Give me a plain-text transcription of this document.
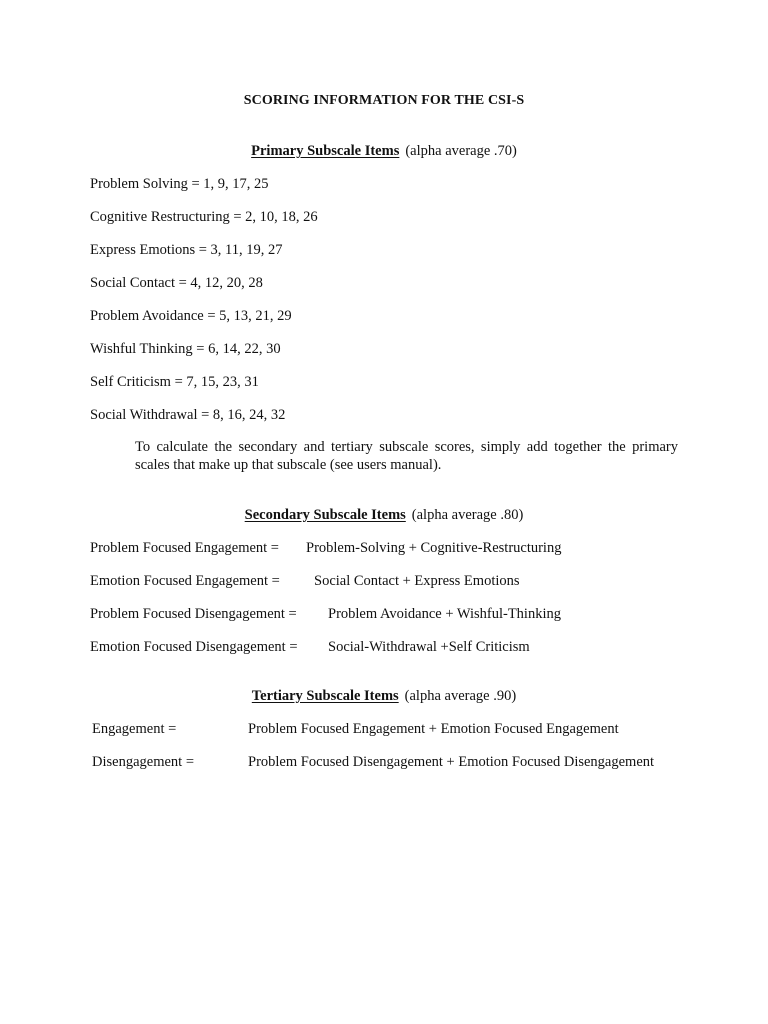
SCORING INFORMATION FOR THE CSI-S
Primary Subscale Items (alpha average .70)
Problem Solving = 1, 9, 17, 25
Cognitive Restructuring = 2, 10, 18, 26
Express Emotions = 3, 11, 19, 27
Social Contact = 4, 12, 20, 28
Problem Avoidance = 5, 13, 21, 29
Wishful Thinking = 6, 14, 22, 30
Self Criticism = 7, 15, 23, 31
Social Withdrawal = 8, 16, 24, 32
To calculate the secondary and tertiary subscale scores, simply add together the primary scales that make up that subscale (see users manual).
Secondary Subscale Items (alpha average .80)
Problem Focused Engagement = Problem-Solving + Cognitive-Restructuring
Emotion Focused Engagement = Social Contact + Express Emotions
Problem Focused Disengagement = Problem Avoidance + Wishful-Thinking
Emotion Focused Disengagement = Social-Withdrawal +Self Criticism
Tertiary Subscale Items (alpha average .90)
Engagement =	Problem Focused Engagement + Emotion Focused Engagement
Disengagement =	Problem Focused Disengagement + Emotion Focused Disengagement
